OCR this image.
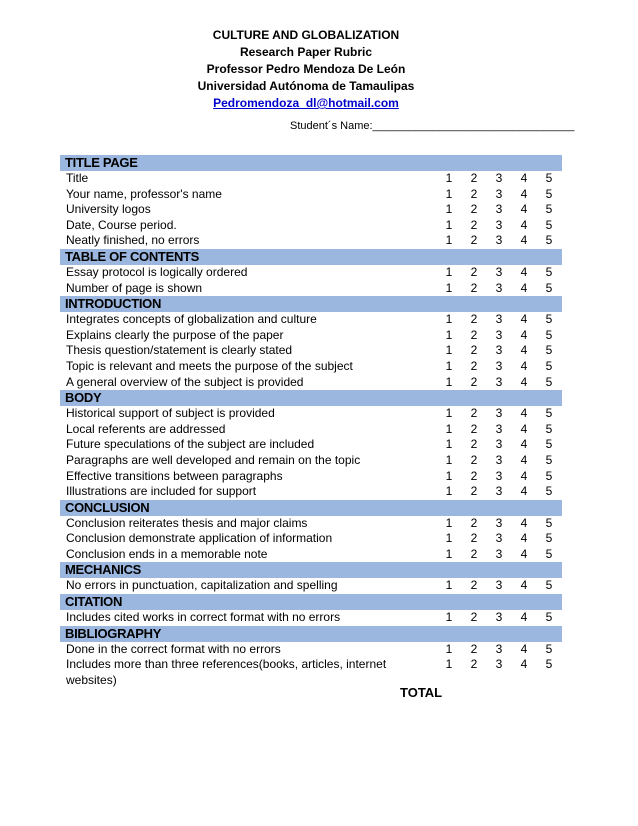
CULTURE AND GLOBALIZATION
Research Paper Rubric
Professor Pedro Mendoza De León
Universidad Autónoma de Tamaulipas
Pedromendoza_dl@hotmail.com
Student´s Name:_________________________________
TITLE PAGE
Title	1 2 3 4 5
Your name, professor's name	1 2 3 4 5
University logos	1 2 3 4 5
Date, Course period.	1 2 3 4 5
Neatly finished, no errors	1 2 3 4 5
TABLE OF CONTENTS
Essay protocol is logically ordered	1 2 3 4 5
Number of page is shown	1 2 3 4 5
INTRODUCTION
Integrates concepts of globalization and culture	1 2 3 4 5
Explains clearly the purpose of the paper	1 2 3 4 5
Thesis question/statement is clearly stated	1 2 3 4 5
Topic is relevant and meets the purpose of the subject	1 2 3 4 5
A general overview of the subject is provided	1 2 3 4 5
BODY
Historical support of subject is provided	1 2 3 4 5
Local referents are addressed	1 2 3 4 5
Future speculations of the subject are included	1 2 3 4 5
Paragraphs are well developed and remain on the topic	1 2 3 4 5
Effective transitions between paragraphs	1 2 3 4 5
Illustrations are included for support	1 2 3 4 5
CONCLUSION
Conclusion reiterates thesis and major claims	1 2 3 4 5
Conclusion demonstrate application of information	1 2 3 4 5
Conclusion ends in a memorable note	1 2 3 4 5
MECHANICS
No errors in punctuation, capitalization and spelling	1 2 3 4 5
CITATION
Includes cited works in correct format with no errors	1 2 3 4 5
BIBLIOGRAPHY
Done in the correct format with no errors	1 2 3 4 5
Includes more than three references(books, articles, internet websites)
1 2 3 4 5
TOTAL
